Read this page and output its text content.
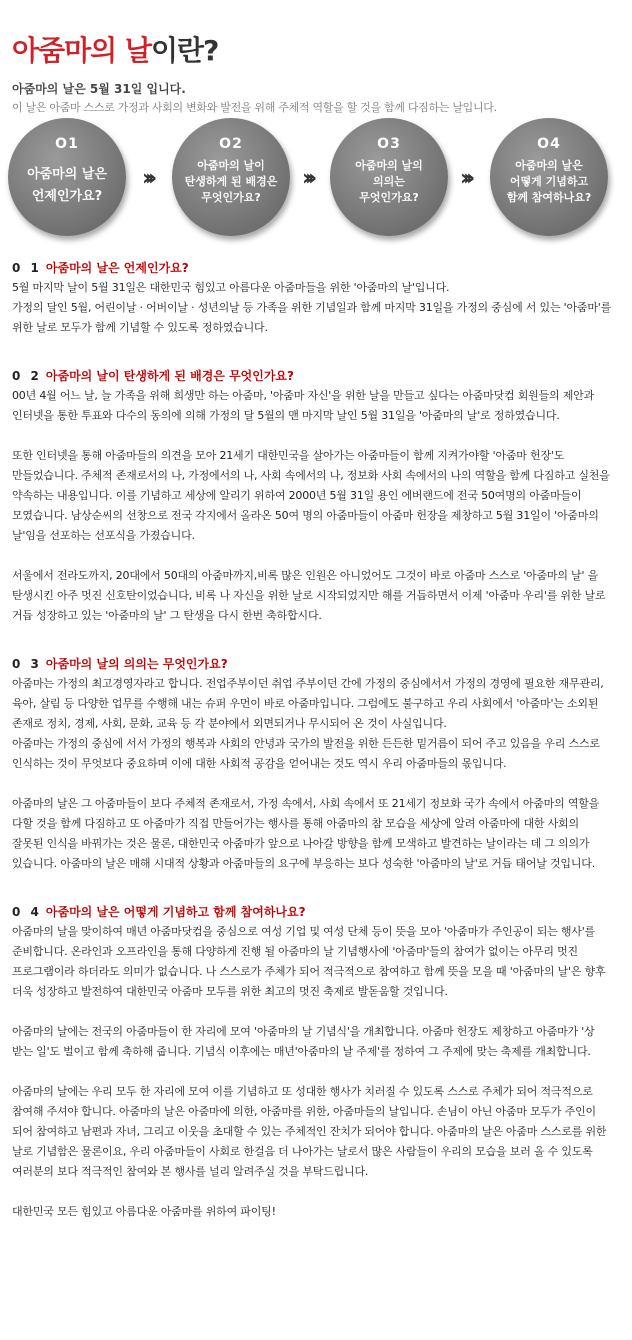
아줌마의 날이란?
아줌마의 날은 5월 31일 입니다.
이 날은 아줌마 스스로 가정과 사회의 변화와 발전을 위해 주체적 역할을 할 것을 함께 다짐하는 날입니다.
O1
아줌마의 날은
언제인가요?
›››
O2
아줌마의 날이
탄생하게 된 배경은
무엇인가요?
›››
O3
아줌마의 날의
의의는
무엇인가요?
›››
O4
아줌마의 날은
어떻게 기념하고
함께 참여하나요?

0 1 아줌마의 날은 언제인가요?

5월 마지막 날이 5월 31일은 대한민국 힘있고 아름다운 아줌마들을 위한 '아줌마의 날'입니다.

가정의 달인 5월, 어린이날 · 어버이날 · 성년의날 등 가족을 위한 기념일과 함께 마지막 31일을 가정의 중심에 서 있는 '아줌마'를 위한 날로 모두가 함께 기념할 수 있도록 정하였습니다.

0 2 아줌마의 날이 탄생하게 된 배경은 무엇인가요?

00년 4월 어느 날, 늘 가족을 위해 희생만 하는 아줌마, '아줌마 자신'을 위한 날을 만들고 싶다는 아줌마닷컴 회원들의 제안과 인터넷을 통한 투표와 다수의 동의에 의해 가정의 달 5월의 맨 마지막 날인 5월 31일을 '아줌마의 날'로 정하였습니다.

또한 인터넷을 통해 아줌마들의 의견을 모아 21세기 대한민국을 살아가는 아줌마들이 함께 지켜가야할 '아줌마 헌장'도 만들었습니다. 주체적 존재로서의 나, 가정에서의 나, 사회 속에서의 나, 정보화 사회 속에서의 나의 역할을 함께 다짐하고 실천을 약속하는 내용입니다. 이를 기념하고 세상에 알리기 위하여 2000년 5월 31일 용인 에버랜드에 전국 50여명의 아줌마들이 모였습니다. 남상순씨의 선창으로 전국 각지에서 올라온 50여 명의 아줌마들이 아줌마 헌장을 제창하고 5월 31일이 '아줌마의 날'임을 선포하는 선포식을 가졌습니다.

서울에서 전라도까지, 20대에서 50대의 아줌마까지,비록 많은 인원은 아니었어도 그것이 바로 아줌마 스스로 '아줌마의 날' 을 탄생시킨 아주 멋진 신호탄이었습니다, 비록 나 자신을 위한 날로 시작되었지만 해를 거듭하면서 이제 '아줌마 우리'를 위한 날로 거듭 성장하고 있는 '아줌마의 날' 그 탄생을 다시 한번 축하합시다.

0 3 아줌마의 날의 의의는 무엇인가요?

아줌마는 가정의 최고경영자라고 합니다. 전업주부이던 취업 주부이던 간에 가정의 중심에서서 가정의 경영에 필요한 재무관리, 육아, 살림 등 다양한 업무를 수행해 내는 슈퍼 우먼이 바로 아줌마입니다. 그럼에도 불구하고 우리 사회에서 '아줌마'는 소외된 존재로 정치, 경제, 사회, 문화, 교육 등 각 분야에서 외면되거나 무시되어 온 것이 사실입니다.

아줌마는 가정의 중심에 서서 가정의 행복과 사회의 안녕과 국가의 발전을 위한 든든한 밑거름이 되어 주고 있음을 우리 스스로 인식하는 것이 무엇보다 중요하며 이에 대한 사회적 공감을 얻어내는 것도 역시 우리 아줌마들의 몫입니다.

아줌마의 날은 그 아줌마들이 보다 주체적 존재로서, 가정 속에서, 사회 속에서 또 21세기 정보화 국가 속에서 아줌마의 역할을 다할 것을 함께 다짐하고 또 아줌마가 직접 만들어가는 행사를 통해 아줌마의 참 모습을 세상에 알려 아줌마에 대한 사회의 잘못된 인식을 바꿔가는 것은 물론, 대한민국 아줌마가 앞으로 나아갈 방향을 함께 모색하고 발견하는 날이라는 데 그 의의가 있습니다. 아줌마의 날은 매해 시대적 상황과 아줌마들의 요구에 부응하는 보다 성숙한 '아줌마의 날'로 거듭 태어날 것입니다.

0 4 아줌마의 날은 어떻게 기념하고 함께 참여하나요?

아줌마의 날을 맞이하여 매년 아줌마닷컴을 중심으로 여성 기업 및 여성 단체 등이 뜻을 모아 '아줌마가 주인공이 되는 행사'를 준비합니다. 온라인과 오프라인을 통해 다양하게 진행 될 아줌마의 날 기념행사에 '아줌마'들의 참여가 없이는 아무리 멋진 프로그램이라 하더라도 의미가 없습니다. 나 스스로가 주체가 되어 적극적으로 참여하고 함께 뜻을 모을 때 '아줌마의 날'은 향후 더욱 성장하고 발전하여 대한민국 아줌마 모두를 위한 최고의 멋진 축제로 발돋움할 것입니다.

아줌마의 날에는 전국의 아줌마들이 한 자리에 모여 '아줌마의 날 기념식'을 개최합니다. 아줌마 헌장도 제창하고 아줌마가 '상 받는 일'도 벌이고 함께 축하해 줍니다. 기념식 이후에는 매년'아줌마의 날 주제'를 정하여 그 주제에 맞는 축제를 개최합니다.

아줌마의 날에는 우리 모두 한 자리에 모여 이를 기념하고 또 성대한 행사가 치러질 수 있도록 스스로 주체가 되어 적극적으로 참여해 주셔야 합니다. 아줌마의 날은 아줌마에 의한, 아줌마를 위한, 아줌마들의 날입니다. 손님이 아닌 아줌마 모두가 주인이 되어 참여하고 남편과 자녀, 그리고 이웃을 초대할 수 있는 주체적인 잔치가 되어야 합니다. 아줌마의 날은 아줌마 스스로를 위한 날로 기념함은 물론이요, 우리 아줌마들이 사회로 한걸음 더 나아가는 날로서 많은 사람들이 우리의 모습을 보러 올 수 있도록 여러분의 보다 적극적인 참여와 본 행사를 널리 알려주실 것을 부탁드립니다.

대한민국 모든 힘있고 아름다운 아줌마를 위하여 파이팅!
